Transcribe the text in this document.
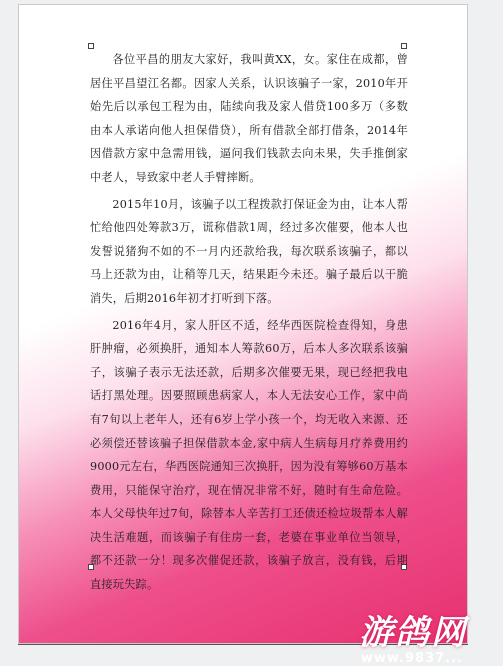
各位平昌的朋友大家好，我叫黄XX，女。家住在成都，曾居住平昌望江名都。因家人关系，认识该骗子一家，2010年开始先后以承包工程为由，陆续向我及家人借贷100多万（多数由本人承诺向他人担保借贷），所有借款全部打借条，2014年因借款方家中急需用钱，逼问我们钱款去向未果，失手推倒家中老人，导致家中老人手臂摔断。

2015年10月，该骗子以工程拨款打保证金为由，让本人帮忙给他四处筹款3万，谎称借款1周，经过多次催要，他本人也发誓说猪狗不如的不一月内还款给我，每次联系该骗子，都以马上还款为由，让稍等几天，结果距今未还。骗子最后以干脆消失，后期2016年初才打听到下落。

2016年4月，家人肝区不适，经华西医院检查得知，身患肝肿瘤，必须换肝，通知本人筹款60万，后本人多次联系该骗子，该骗子表示无法还款，后期多次催要无果，现已经把我电话打黑处理。因要照顾患病家人，本人无法安心工作，家中尚有7旬以上老年人，还有6岁上学小孩一个，均无收入来源、还必须偿还替该骗子担保借款本金,家中病人生病每月疗养费用约9000元左右，华西医院通知三次换肝，因为没有筹够60万基本费用，只能保守治疗，现在情况非常不好，随时有生命危险。本人父母快年过7旬，除替本人辛苦打工还债还检垃圾帮本人解决生活难题，而该骗子有住房一套，老婆在事业单位当领导，都不还款一分！现多次催促还款，该骗子放言，没有钱，后期直接玩失踪。

游鸽网
www.9837...
